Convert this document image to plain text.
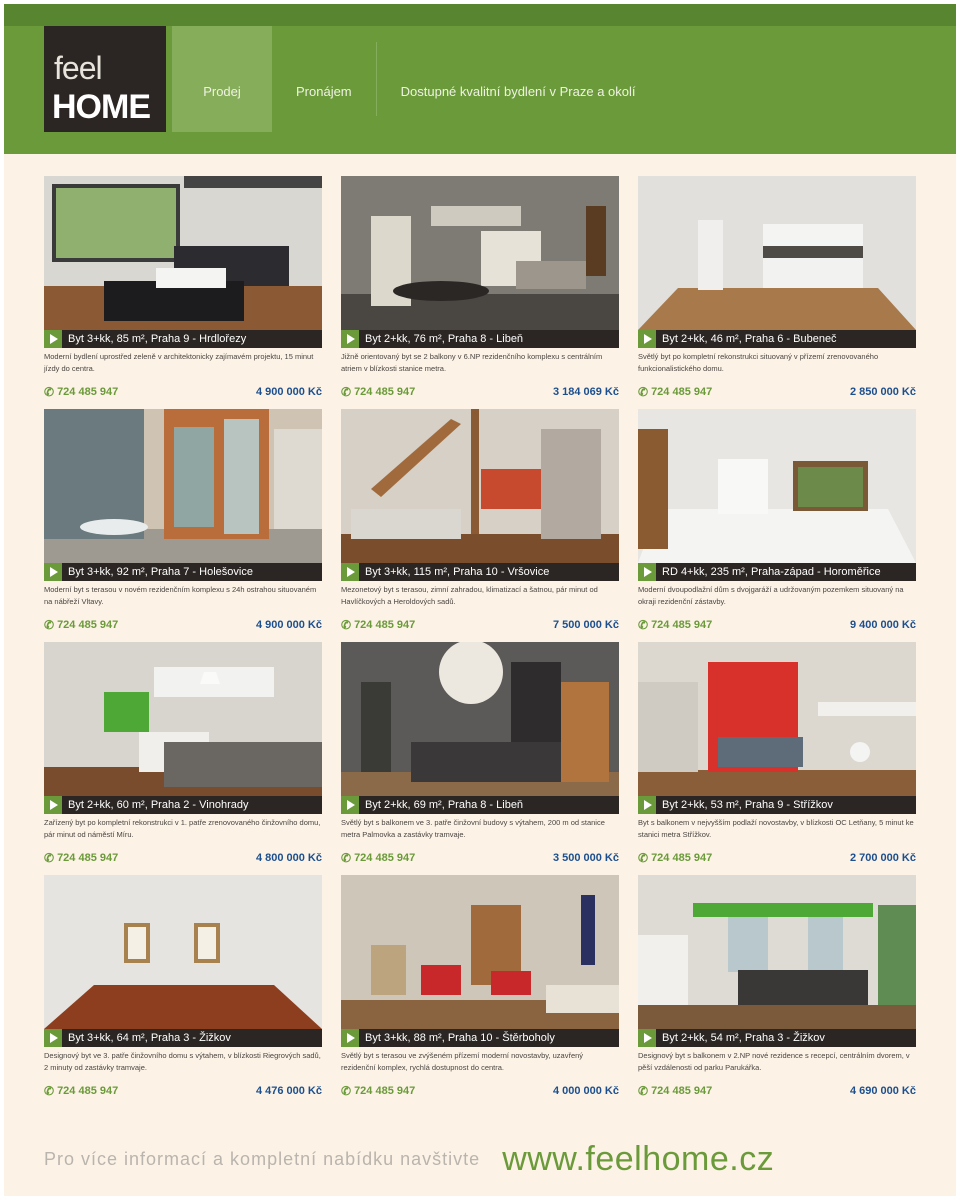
feel
HOME	Prodej	Pronájem	Dostupné kvalitní bydlení v Praze a okolí
Byt 3+kk, 85 m², Praha 9 - Hrdlořezy
Moderní bydlení uprostřed zeleně v architektonicky zajímavém projektu, 15 minut jízdy do centra.
✆ 724 485 947	4 900 000 Kč
Byt 2+kk, 76 m², Praha 8 - Libeň
Jižně orientovaný byt se 2 balkony v 6.NP rezidenčního komplexu s centrálním atriem v blízkosti stanice metra.
✆ 724 485 947	3 184 069 Kč
Byt 2+kk, 46 m², Praha 6 - Bubeneč
Světlý byt po kompletní rekonstrukci situovaný v přízemí zrenovovaného funkcionalistického domu.
✆ 724 485 947	2 850 000 Kč
Byt 3+kk, 92 m², Praha 7 - Holešovice
Moderní byt s terasou v novém rezidenčním komplexu s 24h ostrahou situovaném na nábřeží Vltavy.
✆ 724 485 947	4 900 000 Kč
Byt 3+kk, 115 m², Praha 10 - Vršovice
Mezonetový byt s terasou, zimní zahradou, klimatizací a šatnou, pár minut od Havlíčkových a Heroldových sadů.
✆ 724 485 947	7 500 000 Kč
RD 4+kk, 235 m², Praha-západ - Horoměřice
Moderní dvoupodlažní dům s dvojgaráží a udržovaným pozemkem situovaný na okraji rezidenční zástavby.
✆ 724 485 947	9 400 000 Kč
Byt 2+kk, 60 m², Praha 2 - Vinohrady
Zařízený byt po kompletní rekonstrukci v 1. patře zrenovovaného činžovního domu, pár minut od náměstí Míru.
✆ 724 485 947	4 800 000 Kč
Byt 2+kk, 69 m², Praha 8 - Libeň
Světlý byt s balkonem ve 3. patře činžovní budovy s výtahem, 200 m od stanice metra Palmovka a zastávky tramvaje.
✆ 724 485 947	3 500 000 Kč
Byt 2+kk, 53 m², Praha 9 - Střížkov
Byt s balkonem v nejvyšším podlaží novostavby, v blízkosti OC Letňany, 5 minut ke stanici metra Střížkov.
✆ 724 485 947	2 700 000 Kč
Byt 3+kk, 64 m², Praha 3 - Žižkov
Designový byt ve 3. patře činžovního domu s výtahem, v blízkosti Riegrových sadů, 2 minuty od zastávky tramvaje.
✆ 724 485 947	4 476 000 Kč
Byt 3+kk, 88 m², Praha 10 - Štěrboholy
Světlý byt s terasou ve zvýšeném přízemí moderní novostavby, uzavřený rezidenční komplex, rychlá dostupnost do centra.
✆ 724 485 947	4 000 000 Kč
Byt 2+kk, 54 m², Praha 3 - Žižkov
Designový byt s balkonem v 2.NP nové rezidence s recepcí, centrálním dvorem, v pěší vzdálenosti od parku Parukářka.
✆ 724 485 947	4 690 000 Kč
Pro více informací a kompletní nabídku navštivte www.feelhome.cz
